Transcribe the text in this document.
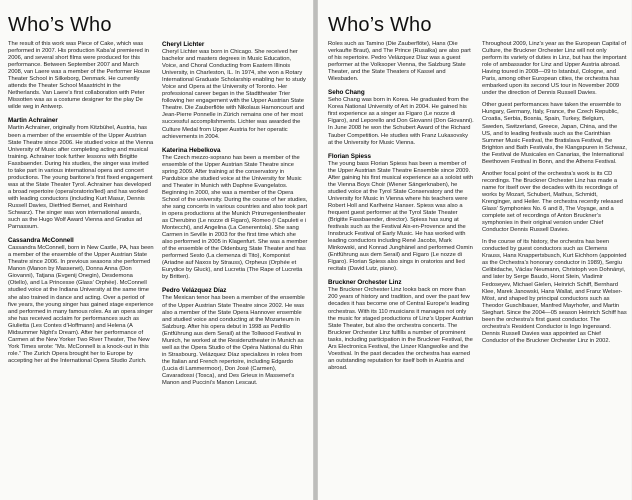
Who’s Who

The result of this work was Piece of Cake, which was performed in 2007. His production Kaba’al premiered in 2006, and several short films were produced for this performance. Between September 2007 and March 2008, van Laere was a member of the Performer House Theater School in Silkeborg, Denmark. He currently attends the Theater School Maastricht in the Netherlands. Van Laere’s first collaboration with Peter Missotten was as a costume designer for the play De wilde weg in Antwerp.

Martin Achrainer

Martin Achrainer, originally from Kitzbühel, Austria, has been a member of the ensemble of the Upper Austrian State Theatre since 2006. He studied voice at the Vienna University of Music after completing acting and musical training. Achrainer took further lessons with Brigitte Fassbaender. During his studies, the singer was invited to take part in various international opera and concert productions. The young baritone’s first fixed engagement was at the State Theater Tyrol. Achrainer has developed a broad repertoire (opera/oratorio/lied) and has worked with leading conductors (including Kurt Masur, Dennis Russell Davies, Dietfried Bernet, and Reinhard Schwarz). The singer was won international awards, such as the Hugo Wolf Award Vienna and Gradus ad Parnassum.

Cassandra McConnell

Cassandra McConnell, born in New Castle, PA, has been a member of the ensemble of the Upper Austrian State Theatre since 2006. In previous seasons she performed Manon (Manon by Massenet), Donna Anna (Don Giovanni), Tatjana (Evgenij Onegin), Desdemona (Otello), and La Princesse (Glass’ Orphée). McConnell studied voice at the Indiana University at the same time she also trained in dance and acting. Over a period of five years, the young singer has gained stage experience and performed in many famous roles. As an opera singer she has received acclaim for performances such as Giulietta (Les Contes d’Hoffmann) and Helena (A Midsummer Night’s Dream). After her performance of Carmen at the New Yorker Two River Theater, The New York Times wrote: “Ms. McConnell is a knock-out in this role.” The Zurich Opera brought her to Europe by accepting her at the International Opera Studio Zurich.

Cheryl Lichter

Cheryl Lichter was born in Chicago. She received her bachelor and masters degrees in Music Education, Voice, and Choral Conducting from Eastern Illinois University, in Charleston, IL. In 1974, she won a Rotary International Graduate Scholarship enabling her to study Voice and Opera at the University of Toronto. Her professional career began in the Stadttheater Trier following her engagement with the Upper Austrian State Theatre. Die Zauberflöte with Nikolaus Harnoncourt and Jean-Pierre Ponnelle in Zürich remains one of her most successful accomplishments. Lichter was awarded the Culture Medal from Upper Austria for her operatic achievements in 2004.

Katerina Hebelkova

The Czech mezzo-soprano has been a member of the ensemble of the Upper Austrian State Theatre since spring 2009. After training at the conservatory in Pardubice she studied voice at the University for Music and Theater in Munich with Daphne Evangelatos. Beginning in 2000, she was a member of the Opera School of the university. During the course of her studies, she sang concerts in various countries and also took part in opera productions at the Munich Prinzregententheater as Cherubino (Le nozze di Figaro), Romeo (I Capuleti e i Montecchi), and Angelina (La Cenerentola). She sang Carmen in Seville in 2003 for the first time which she also performed in 2005 in Klagenfurt. She was a member of the ensemble of the Oldenburg State Theater and has performed Sesto (La clemenza di Tito), Komponist (Ariadne auf Naxos by Strauss), Orpheus (Orphée et Eurydice by Gluck), and Lucretia (The Rape of Lucretia by Britten).

Pedro Velázquez Díaz

The Mexican tenor has been a member of the ensemble of the Upper Austrian State Theatre since 2002. He was also a member of the State Opera Hannover ensemble and studied voice and conducting at the Mozarteum in Salzburg. After his opera debut in 1998 as Pedrillo (Entführung aus dem Serail) at the Tollwood Festival in Munich, he worked at the Residenztheater in Munich as well as the Opera Studio of the Opéra National du Rhin in Strasbourg. Velázquez Díaz specializes in roles from the Italian and French repertoire, including Edgardo (Lucia di Lammermoor), Don José (Carmen), Cavaradossi (Tosca), and Des Grieux in Massenet’s Manon and Puccini’s Manon Lescaut.

Who’s Who

Roles such as Tamino (Die Zauberflöte), Hans (Die verkaufte Braut), and The Prince (Rusalka) are also part of his repertoire. Pedro Velázquez Díaz was a guest performer at the Volksoper Vienna, the Salzburg State Theater, and the State Theaters of Kassel and Wiesbaden.

Seho Chang

Seho Chang was born in Korea. He graduated from the Korea National University of Art in 2004. He gained his first experience as a singer as Figaro (Le nozze di Figaro), and Leporello and Don Giovanni (Don Giovanni). In June 2008 he won the Schubert Award of the Richard Tauber Competition. He studies with Franz Lukasovsky at the University for Music Vienna.

Florian Spiess

The young bass Florian Spiess has been a member of the Upper Austrian State Theatre Ensemble since 2009. After gaining his first musical experience as a soloist with the Vienna Boys Choir (Wiener Sängerknaben), he studied voice at the Tyrol State Conservatory and the University for Music in Vienna where his teachers were Robert Holl and Karlheinz Hanser. Spiess was also a frequent guest performer at the Tyrol State Theater (Brigitte Fassbaender, director). Spiess has sung at festivals such as the Festival Aix-en-Provence and the Innsbruck Festival of Early Music. He has worked with leading conductors including René Jacobs, Mark Minkowski, and Konrad Junghänel and performed Osmin (Entführung aus dem Serail) and Figaro (Le nozze di Figaro). Florian Spiess also sings in oratorios and lied recitals (David Lutz, piano).

Bruckner Orchester Linz

The Bruckner Orchester Linz looks back on more than 200 years of history and tradition, and over the past few decades it has become one of Central Europe’s leading orchestras. With its 110 musicians it manages not only the music for staged productions of Linz’s Upper Austrian State Theater, but also the orchestra concerts. The Bruckner Orchester Linz fulfills a number of prominent tasks, including participation in the Bruckner Festival, the Ars Electronica Festival, the Linzer Klangwolke and the Voestival. In the past decades the orchestra has earned an outstanding reputation for itself both in Austria and abroad.

Throughout 2009, Linz’s year as the European Capital of Culture, the Bruckner Orchester Linz will not only perform its variety of duties in Linz, but has the important role of ambassador for Linz and Upper Austria abroad. Having toured in 2008—09 to Istanbul, Cologne, and Paris, among other European cities, the orchestra has embarked upon its second US tour in November 2009 under the direction of Dennis Russell Davies.

Other guest performances have taken the ensemble to Hungary, Germany, Italy, France, the Czech Republic, Croatia, Serbia, Bosnia, Spain, Turkey, Belgium, Sweden, Switzerland, Greece, Japan, China, and the US, and to leading festivals such as the Carinthian Summer Music Festival, the Bratislava Festival, the Brighton and Bath Festivals, the Klangspuren in Schwaz, the Festival de Musicales en Canarias, the International Beethoven Festival in Bonn, and the Athens Festival.

Another focal point of the orchestra’s work is its CD recordings. The Bruckner Orchester Linz has made a name for itself over the decades with its recordings of works by Mozart, Schubert, Mathus, Schmidt, Krenginger, and Heiler. The orchestra recently released Glass’ Symphonies No. 6 and 8, The Voyage, and a complete set of recordings of Anton Bruckner’s symphonies in their original version under Chief Conductor Dennis Russell Davies.

In the course of its history, the orchestra has been conducted by guest conductors such as Clemens Krauss, Hans Knappertsbusch, Kurt Eichhorn (appointed as the Orchestra’s honorary conductor in 1989), Sergiu Celibidache, Václav Neumann, Christoph von Dohnányi, and later by Serge Baudo, Horst Stein, Vladimir Fedoseyev, Michael Gielen, Heinrich Schiff, Bernhard Klee, Marek Janowski, Hans Wallat, and Franz Welser-Möst, and shaped by principal conductors such as Theodor Guschlbauer, Manfred Mayrhofer, and Martin Sieghart. Since the 2004—05 season Heinrich Schiff has been the orchestra’s first guest conductor. The orchestra’s Resident Conductor is Ingo Ingensand. Dennis Russell Davies was appointed as Chief Conductor of the Bruckner Orchester Linz in 2002.
